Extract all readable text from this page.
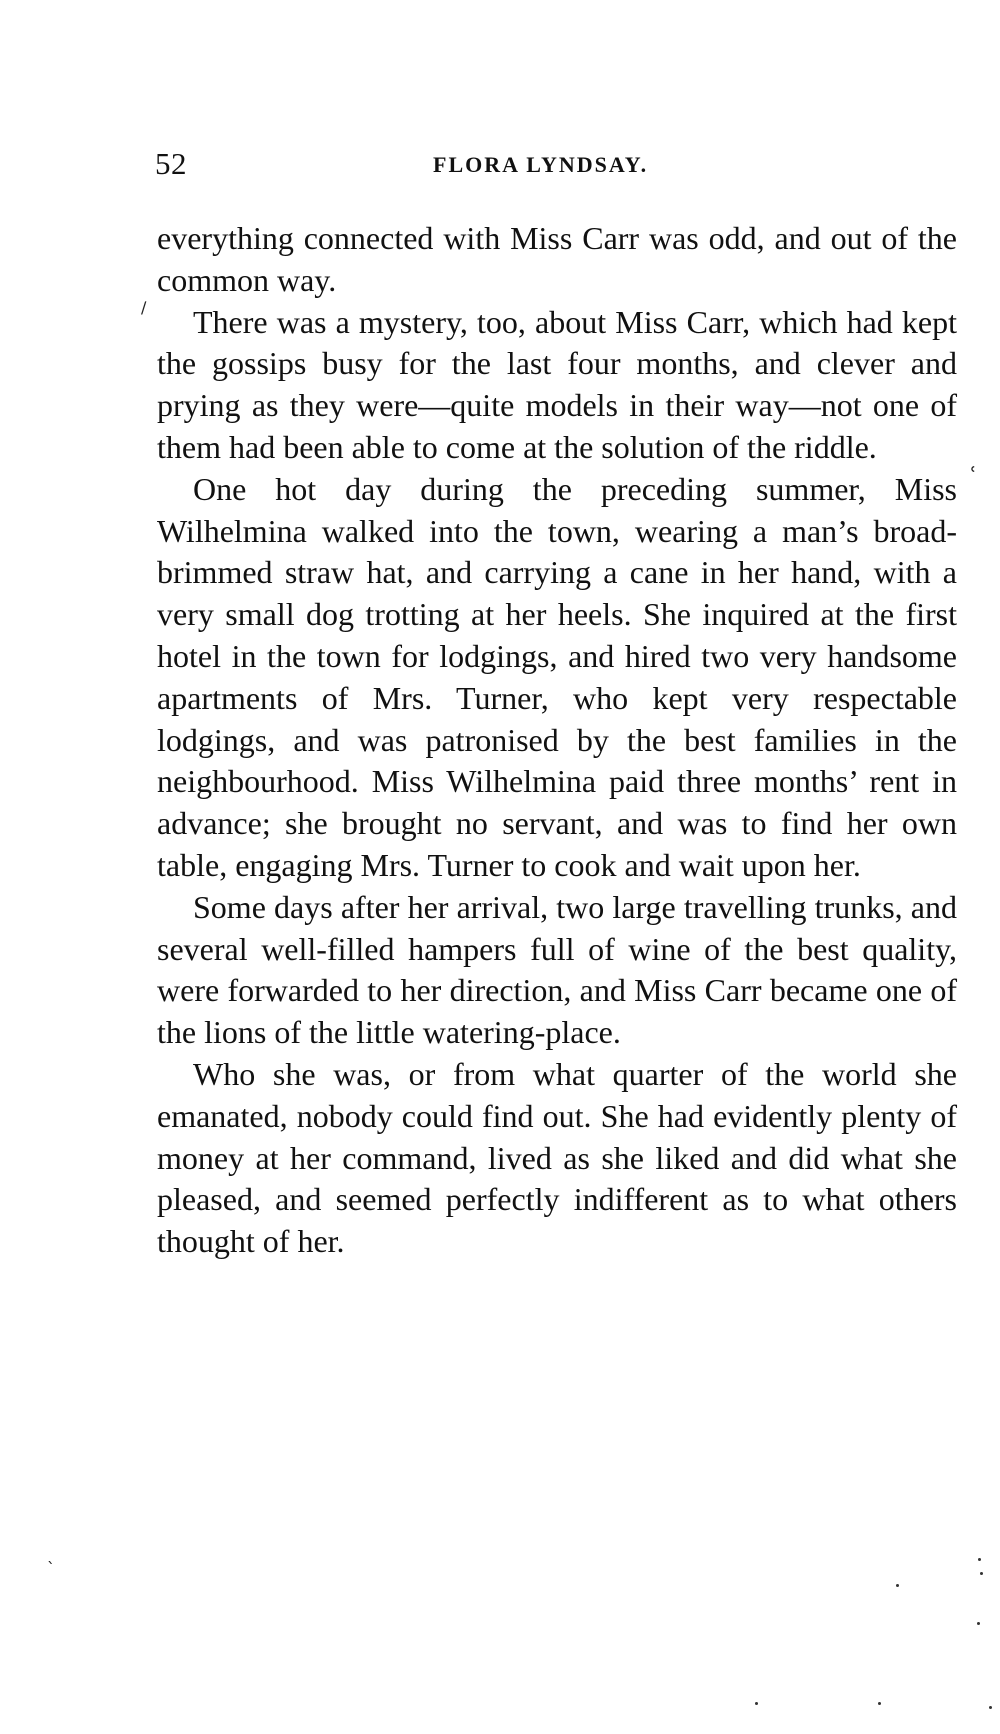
52	FLORA LYNDSAY.

everything connected with Miss Carr was odd, and out of the common way.

There was a mystery, too, about Miss Carr, which had kept the gossips busy for the last four months, and clever and prying as they were—quite models in their way—not one of them had been able to come at the solution of the riddle.

One hot day during the preceding summer, Miss Wilhelmina walked into the town, wearing a man’s broad-brimmed straw hat, and carrying a cane in her hand, with a very small dog trotting at her heels. She inquired at the first hotel in the town for lodgings, and hired two very handsome apartments of Mrs. Turner, who kept very respectable lodgings, and was patronised by the best families in the neighbourhood. Miss Wilhelmina paid three months’ rent in advance; she brought no servant, and was to find her own table, engaging Mrs. Turner to cook and wait upon her.

Some days after her arrival, two large travelling trunks, and several well-filled hampers full of wine of the best quality, were forwarded to her direction, and Miss Carr became one of the lions of the little watering-place.

Who she was, or from what quarter of the world she emanated, nobody could find out. She had evidently plenty of money at her command, lived as she liked and did what she pleased, and seemed perfectly indifferent as to what others thought of her.

∕
ʿ
ˎ
